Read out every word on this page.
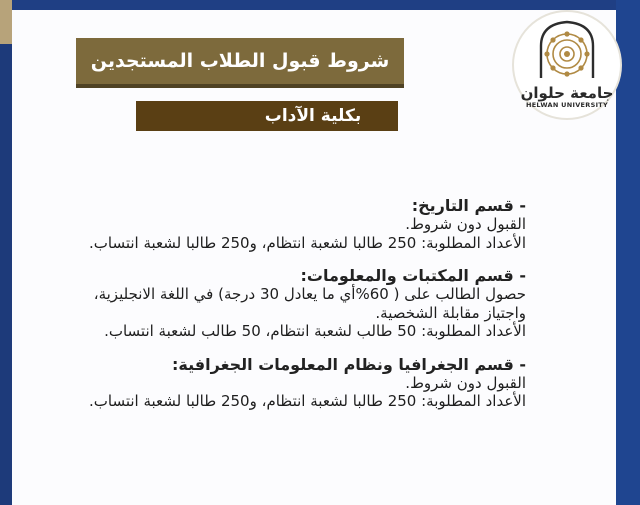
شروط قبول الطلاب المستجدين
بكلية الآداب
جامعة حلوان
HELWAN UNIVERSITY
- قسم التاريخ:
القبول دون شروط.
الأعداد المطلوبة: 250 طالبا لشعبة انتظام، و250 طالبا لشعبة انتساب.
- قسم المكتبات والمعلومات:
حصول الطالب على ( 60%أي ما يعادل 30 درجة) في اللغة الانجليزية،
واجتياز مقابلة الشخصية.
الأعداد المطلوبة: 50 طالب لشعبة انتظام، 50 طالب لشعبة انتساب.
- قسم الجغرافيا ونظام المعلومات الجغرافية:
القبول دون شروط.
الأعداد المطلوبة: 250 طالبا لشعبة انتظام، و250 طالبا لشعبة انتساب.
